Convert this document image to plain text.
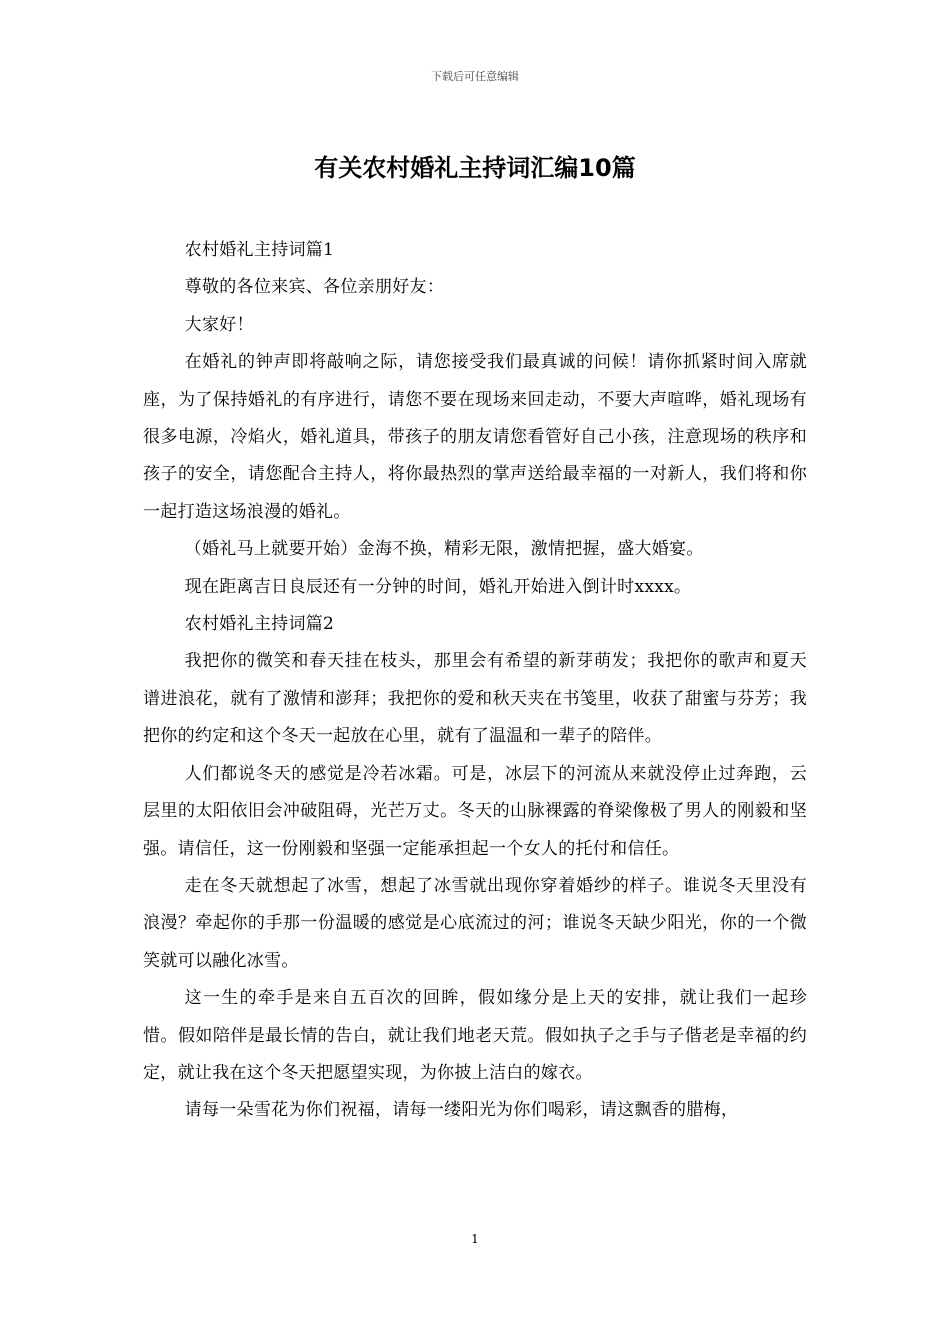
下载后可任意编辑
有关农村婚礼主持词汇编10篇

农村婚礼主持词篇1

尊敬的各位来宾、各位亲朋好友：

大家好！

在婚礼的钟声即将敲响之际，请您接受我们最真诚的问候！请你抓紧时间入席就座，为了保持婚礼的有序进行，请您不要在现场来回走动，不要大声喧哗，婚礼现场有很多电源，冷焰火，婚礼道具，带孩子的朋友请您看管好自己小孩，注意现场的秩序和孩子的安全，请您配合主持人，将你最热烈的掌声送给最幸福的一对新人，我们将和你一起打造这场浪漫的婚礼。

（婚礼马上就要开始）金海不换，精彩无限，激情把握，盛大婚宴。

现在距离吉日良辰还有一分钟的时间，婚礼开始进入倒计时xxxx。

农村婚礼主持词篇2

我把你的微笑和春天挂在枝头，那里会有希望的新芽萌发；我把你的歌声和夏天谱进浪花，就有了激情和澎拜；我把你的爱和秋天夹在书笺里，收获了甜蜜与芬芳；我把你的约定和这个冬天一起放在心里，就有了温温和一辈子的陪伴。

人们都说冬天的感觉是冷若冰霜。可是，冰层下的河流从来就没停止过奔跑，云层里的太阳依旧会冲破阻碍，光芒万丈。冬天的山脉裸露的脊梁像极了男人的刚毅和坚强。请信任，这一份刚毅和坚强一定能承担起一个女人的托付和信任。

走在冬天就想起了冰雪，想起了冰雪就出现你穿着婚纱的样子。谁说冬天里没有浪漫？牵起你的手那一份温暖的感觉是心底流过的河；谁说冬天缺少阳光，你的一个微笑就可以融化冰雪。

这一生的牵手是来自五百次的回眸，假如缘分是上天的安排，就让我们一起珍惜。假如陪伴是最长情的告白，就让我们地老天荒。假如执子之手与子偕老是幸福的约定，就让我在这个冬天把愿望实现，为你披上洁白的嫁衣。

请每一朵雪花为你们祝福，请每一缕阳光为你们喝彩，请这飘香的腊梅，

1
